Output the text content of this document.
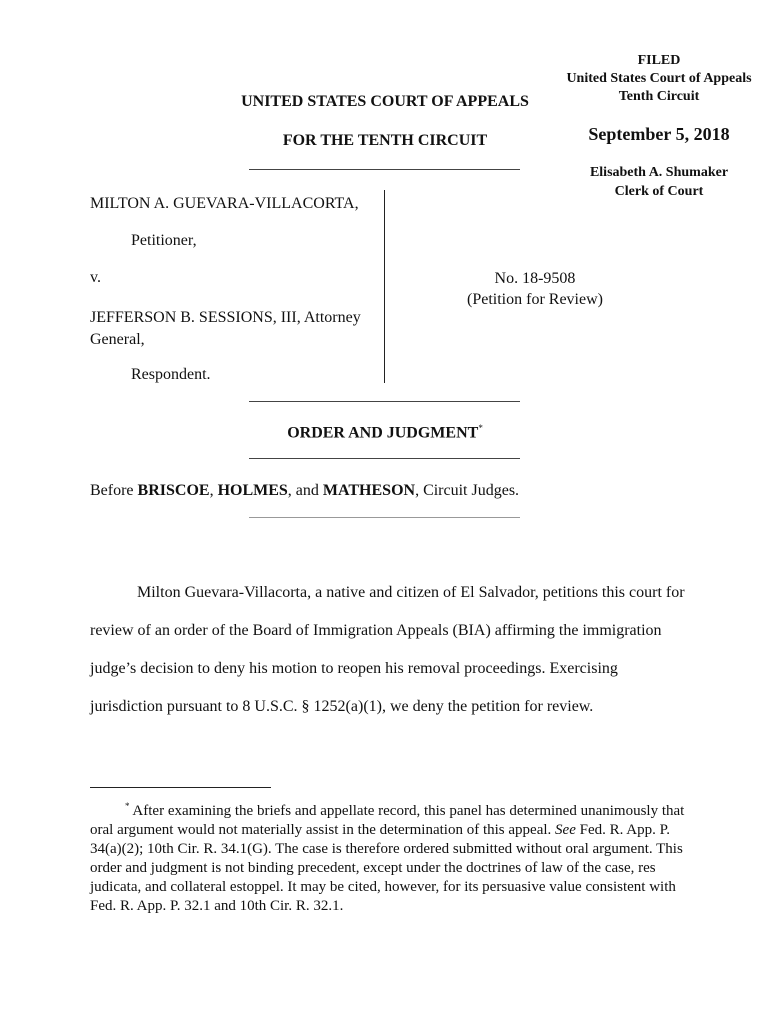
FILED
United States Court of Appeals
Tenth Circuit
September 5, 2018
Elisabeth A. Shumaker
Clerk of Court
UNITED STATES COURT OF APPEALS
FOR THE TENTH CIRCUIT
MILTON A. GUEVARA-VILLACORTA,
Petitioner,
v.
JEFFERSON B. SESSIONS, III, Attorney
General,
Respondent.
No. 18-9508
(Petition for Review)
ORDER AND JUDGMENT*
Before BRISCOE, HOLMES, and MATHESON, Circuit Judges.

Milton Guevara-Villacorta, a native and citizen of El Salvador, petitions this court for review of an order of the Board of Immigration Appeals (BIA) affirming the immigration judge’s decision to deny his motion to reopen his removal proceedings. Exercising jurisdiction pursuant to 8 U.S.C. § 1252(a)(1), we deny the petition for review.

* After examining the briefs and appellate record, this panel has determined unanimously that oral argument would not materially assist in the determination of this appeal. See Fed. R. App. P. 34(a)(2); 10th Cir. R. 34.1(G). The case is therefore ordered submitted without oral argument. This order and judgment is not binding precedent, except under the doctrines of law of the case, res judicata, and collateral estoppel. It may be cited, however, for its persuasive value consistent with Fed. R. App. P. 32.1 and 10th Cir. R. 32.1.
